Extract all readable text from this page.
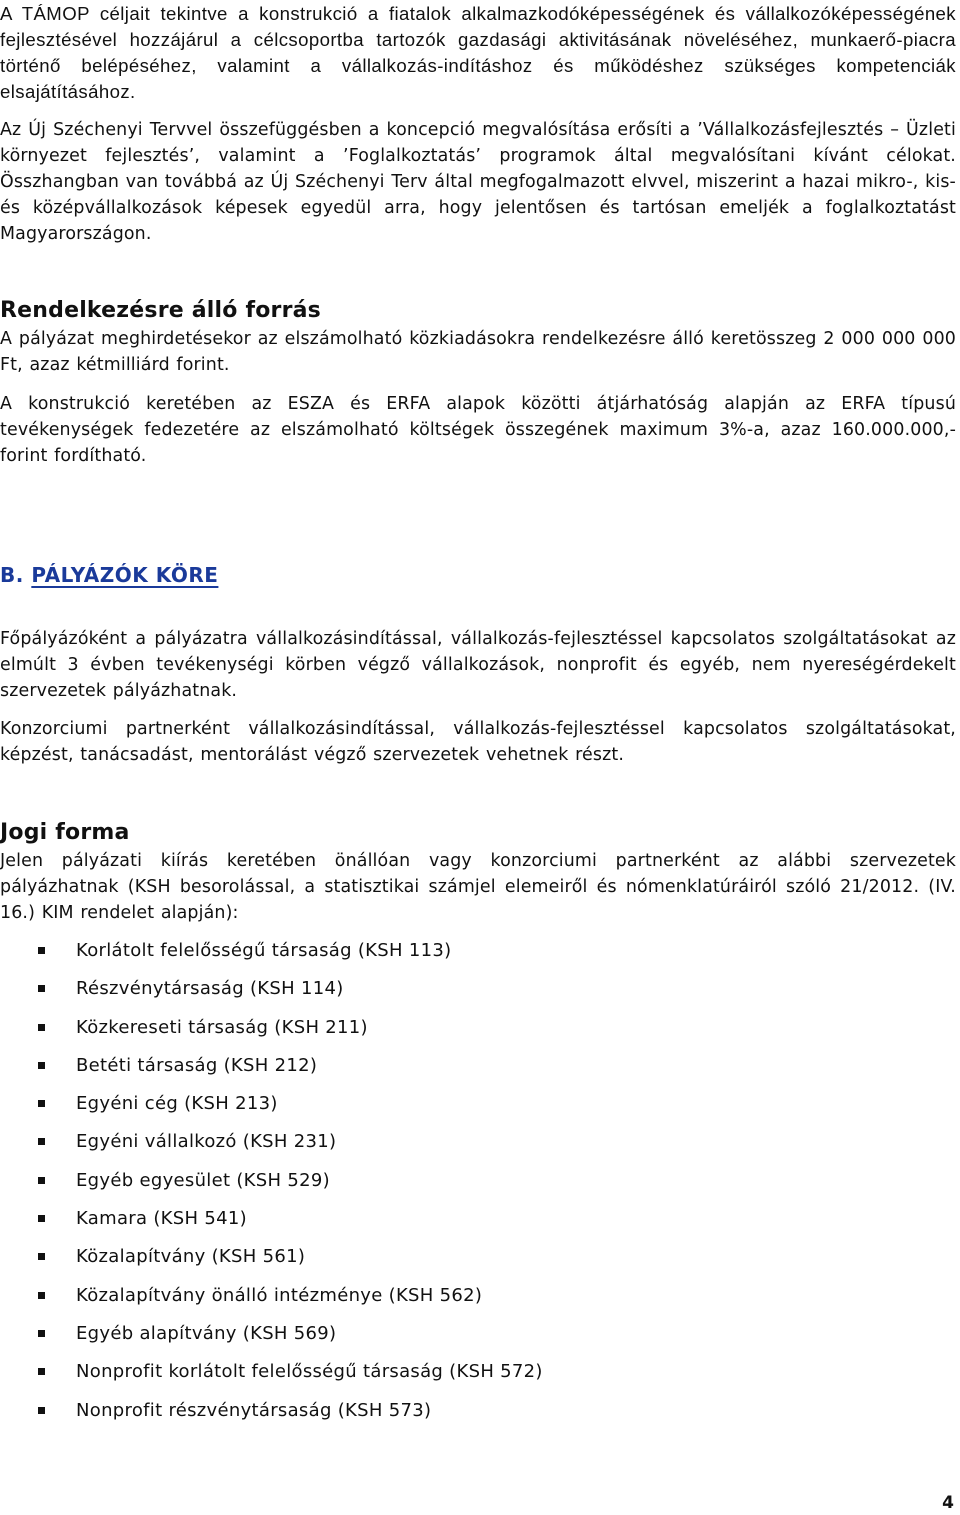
A TÁMOP céljait tekintve a konstrukció a fiatalok alkalmazkodóképességének és vállalkozóképességének fejlesztésével hozzájárul a célcsoportba tartozók gazdasági aktivitásának növeléséhez, munkaerő-piacra történő belépéséhez, valamint a vállalkozás-indításhoz és működéshez szükséges kompetenciák elsajátításához.

Az Új Széchenyi Tervvel összefüggésben a koncepció megvalósítása erősíti a ’Vállalkozásfejlesztés – Üzleti környezet fejlesztés’, valamint a ’Foglalkoztatás’ programok által megvalósítani kívánt célokat. Összhangban van továbbá az Új Széchenyi Terv által megfogalmazott elvvel, miszerint a hazai mikro-, kis- és középvállalkozások képesek egyedül arra, hogy jelentősen és tartósan emeljék a foglalkoztatást Magyarországon.

Rendelkezésre álló forrás

A pályázat meghirdetésekor az elszámolható közkiadásokra rendelkezésre álló keretösszeg 2 000 000 000 Ft, azaz kétmilliárd forint.

A konstrukció keretében az ESZA és ERFA alapok közötti átjárhatóság alapján az ERFA típusú tevékenységek fedezetére az elszámolható költségek összegének maximum 3%-a, azaz 160.000.000,- forint fordítható.

B. PÁLYÁZÓK KÖRE

Főpályázóként a pályázatra vállalkozásindítással, vállalkozás-fejlesztéssel kapcsolatos szolgáltatásokat az elmúlt 3 évben tevékenységi körben végző vállalkozások, nonprofit és egyéb, nem nyereségérdekelt szervezetek pályázhatnak.

Konzorciumi partnerként vállalkozásindítással, vállalkozás-fejlesztéssel kapcsolatos szolgáltatásokat, képzést, tanácsadást, mentorálást végző szervezetek vehetnek részt.

Jogi forma

Jelen pályázati kiírás keretében önállóan vagy konzorciumi partnerként az alábbi szervezetek pályázhatnak (KSH besorolással, a statisztikai számjel elemeiről és nómenklatúráiról szóló 21/2012. (IV. 16.) KIM rendelet alapján):

Korlátolt felelősségű társaság (KSH 113)
Részvénytársaság (KSH 114)
Közkereseti társaság (KSH 211)
Betéti társaság (KSH 212)
Egyéni cég (KSH 213)
Egyéni vállalkozó (KSH 231)
Egyéb egyesület (KSH 529)
Kamara (KSH 541)
Közalapítvány (KSH 561)
Közalapítvány önálló intézménye (KSH 562)
Egyéb alapítvány (KSH 569)
Nonprofit korlátolt felelősségű társaság (KSH 572)
Nonprofit részvénytársaság (KSH 573)
4
